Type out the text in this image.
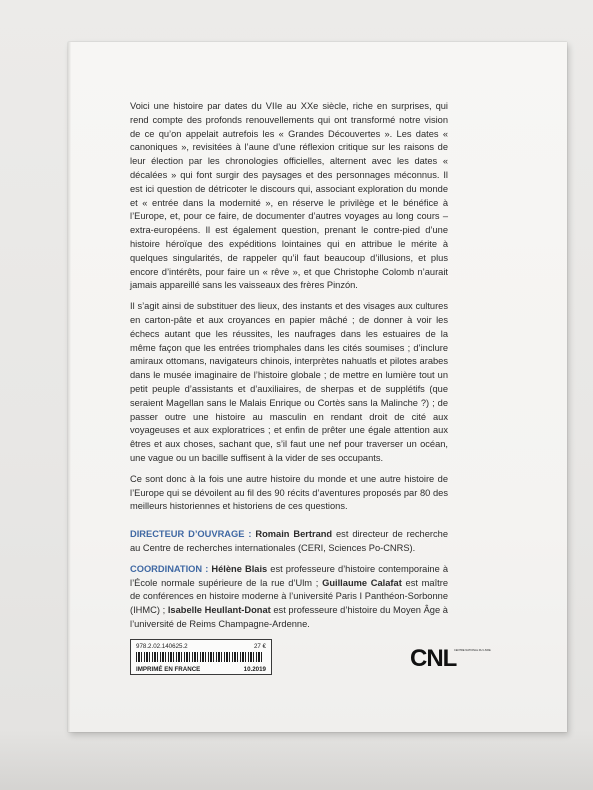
Voici une histoire par dates du VIIe au XXe siècle, riche en surprises, qui rend compte des profonds renouvellements qui ont transformé notre vision de ce qu’on appelait autrefois les « Grandes Découvertes ». Les dates « canoniques », revisitées à l’aune d’une réflexion critique sur les raisons de leur élection par les chronologies officielles, alternent avec les dates « décalées » qui font surgir des paysages et des personnages méconnus. Il est ici question de détricoter le discours qui, associant exploration du monde et « entrée dans la modernité », en réserve le privilège et le bénéfice à l’Europe, et, pour ce faire, de documenter d’autres voyages au long cours – extra-européens. Il est également question, prenant le contre-pied d’une histoire héroïque des expéditions lointaines qui en attribue le mérite à quelques singularités, de rappeler qu’il faut beaucoup d’illusions, et plus encore d’intérêts, pour faire un « rêve », et que Christophe Colomb n’aurait jamais appareillé sans les vaisseaux des frères Pinzón.

Il s’agit ainsi de substituer des lieux, des instants et des visages aux cultures en carton-pâte et aux croyances en papier mâché ; de donner à voir les échecs autant que les réussites, les naufrages dans les estuaires de la même façon que les entrées triomphales dans les cités soumises ; d’inclure amiraux ottomans, navigateurs chinois, interprètes nahuatls et pilotes arabes dans le musée imaginaire de l’histoire globale ; de mettre en lumière tout un petit peuple d’assistants et d’auxiliaires, de sherpas et de supplétifs (que seraient Magellan sans le Malais Enrique ou Cortès sans la Malinche ?) ; de passer outre une histoire au masculin en rendant droit de cité aux voyageuses et aux exploratrices ; et enfin de prêter une égale attention aux êtres et aux choses, sachant que, s’il faut une nef pour traverser un océan, une vague ou un bacille suffisent à la vider de ses occupants.

Ce sont donc à la fois une autre histoire du monde et une autre histoire de l’Europe qui se dévoilent au fil des 90 récits d’aventures proposés par 80 des meilleurs historiennes et historiens de ces questions.

DIRECTEUR D’OUVRAGE : Romain Bertrand est directeur de recherche au Centre de recherches internationales (CERI, Sciences Po-CNRS).

COORDINATION : Hélène Blais est professeure d’histoire contemporaine à l’École normale supérieure de la rue d’Ulm ; Guillaume Calafat est maître de conférences en histoire moderne à l’université Paris I Panthéon-Sorbonne (IHMC) ; Isabelle Heullant-Donat est professeure d’histoire du Moyen Âge à l’université de Reims Champagne-Ardenne.

978.2.02.140625.2	27 €
IMPRIMÉ EN FRANCE	10.2019	CNL
CENTRE NATIONAL DU LIVRE
